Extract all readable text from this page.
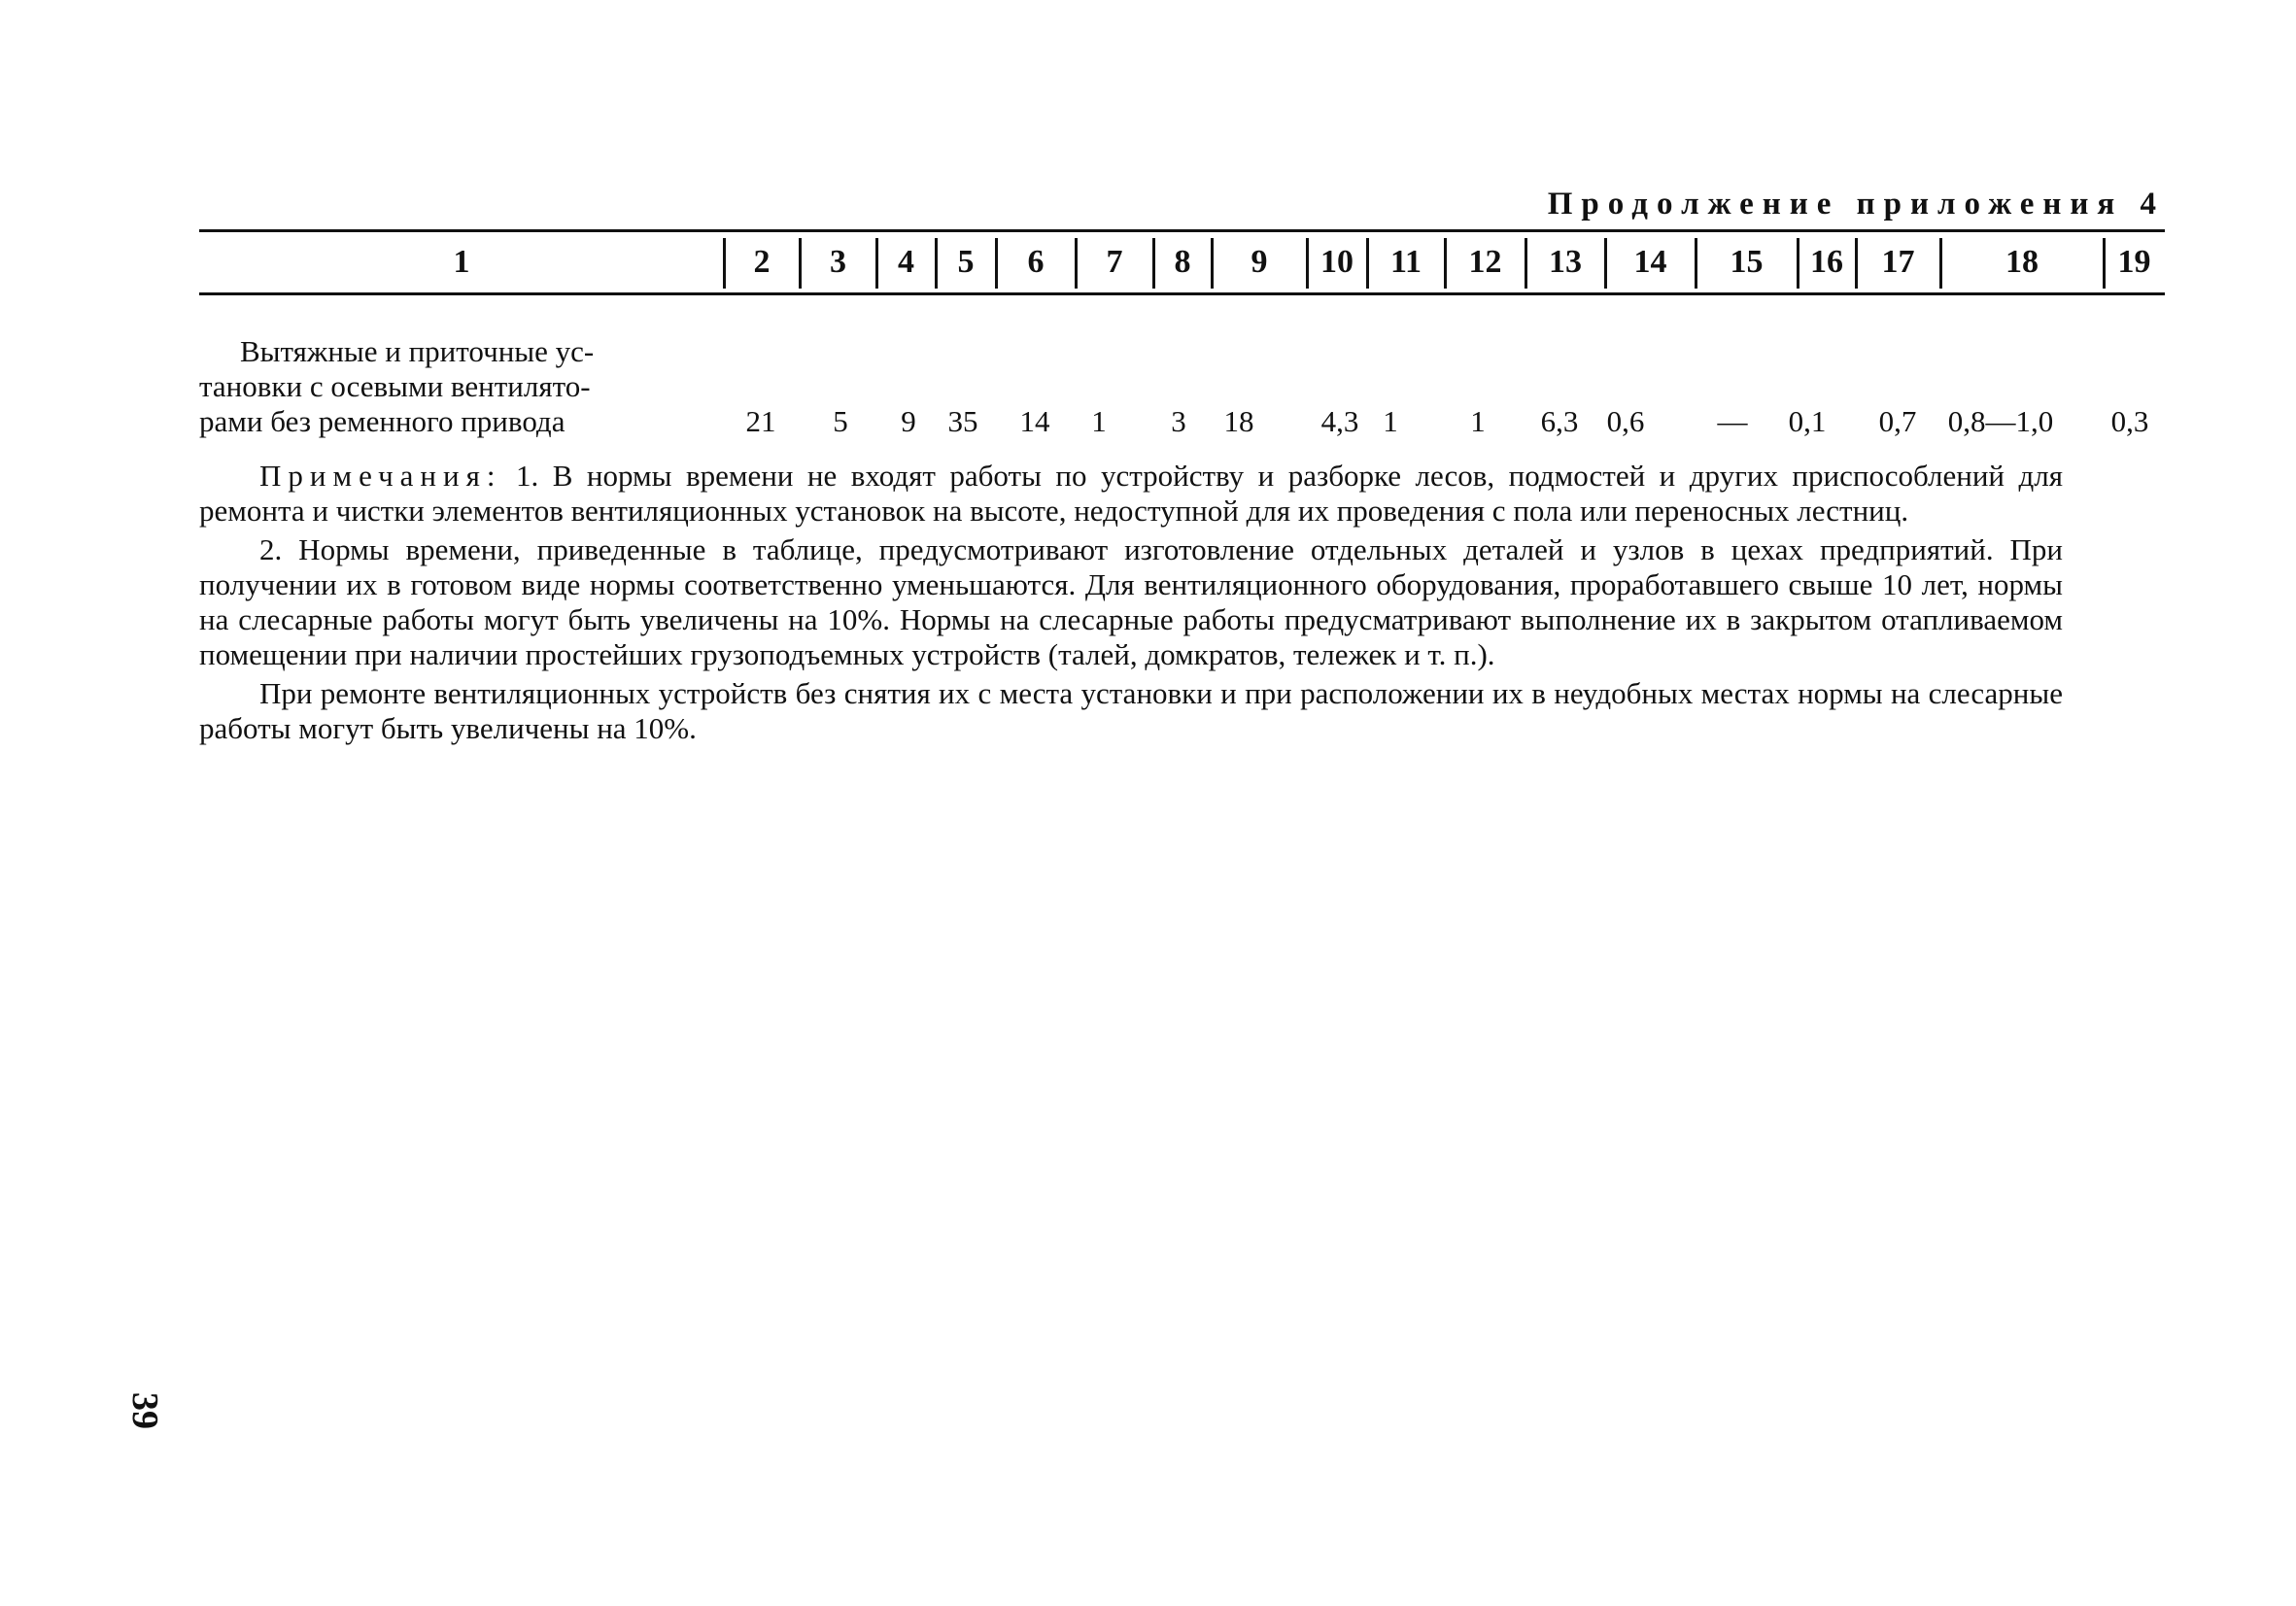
Продолжение приложения 4
1	2	3	4	5	6	7	8	9	10	11	12	13	14	15	16	17	18	19
Вытяжные и приточные ус-
тановки с осевыми вентилято-
рами без ременного привода	21 5 9 35 14 1 3 18 4,3 1 1 6,3 0,6 — 0,1 0,7 0,8—1,0 0,3

Примечания: 1. В нормы времени не входят работы по устройству и разборке лесов, подмостей и других приспособлений для ремонта и чистки элементов вентиляционных установок на высоте, недоступной для их проведения с пола или переносных лестниц.

2. Нормы времени, приведенные в таблице, предусмотривают изготовление отдельных деталей и узлов в цехах предприятий. При получении их в готовом виде нормы соответственно уменьшаются. Для вентиляционного оборудования, проработавшего свыше 10 лет, нормы на слесарные работы могут быть увеличены на 10%. Нормы на слесарные работы предусматривают выполнение их в закрытом отапливаемом помещении при наличии простейших грузоподъемных устройств (талей, домкратов, тележек и т. п.).

При ремонте вентиляционных устройств без снятия их с места установки и при расположении их в неудобных местах нормы на слесарные работы могут быть увеличены на 10%.

39
